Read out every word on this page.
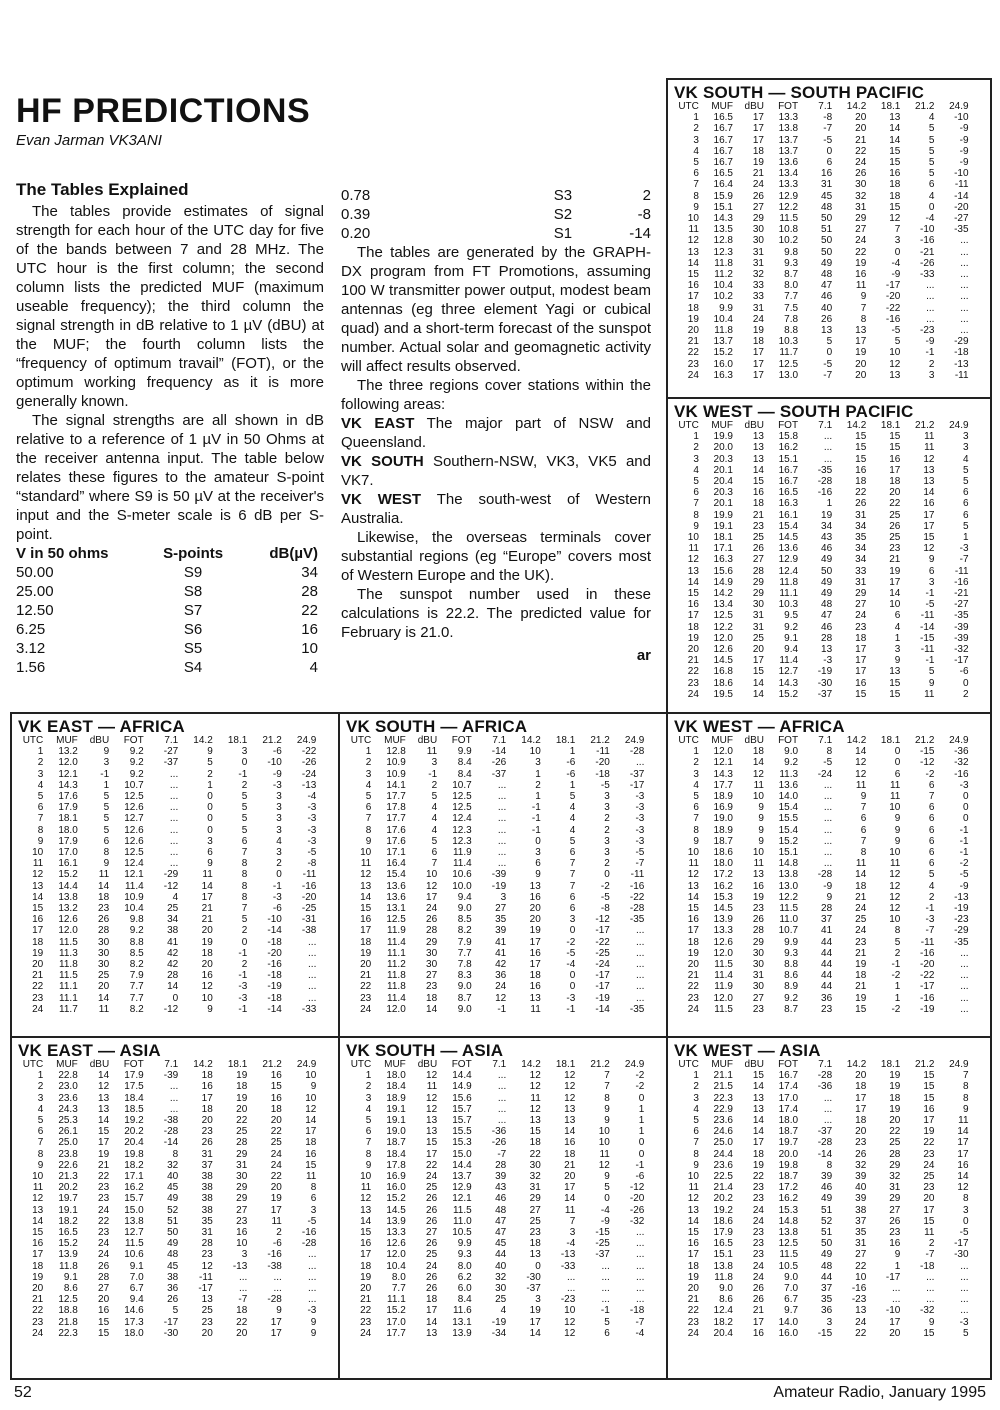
HF PREDICTIONS
Evan Jarman VK3ANI
The Tables Explained

The tables provide estimates of signal strength for each hour of the UTC day for five of the bands between 7 and 28 MHz. The UTC hour is the first column; the second column lists the predicted MUF (maximum useable frequency); the third column the signal strength in dB relative to 1 µV (dBU) at the MUF; the fourth column lists the “frequency of optimum travail” (FOT), or the optimum working frequency as it is more generally known.

The signal strengths are all shown in dB relative to a reference of 1 µV in 50 Ohms at the receiver antenna input. The table below relates these figures to the amateur S-point “standard” where S9 is 50 µV at the receiver's input and the S-meter scale is 6 dB per S-point.

V in 50 ohms	S-points	dB(µV)
50.00	S9	34
25.00	S8	28
12.50	S7	22
6.25	S6	16
3.12	S5	10
1.56	S4	4
0.78	S3	2
0.39	S2	-8
0.20	S1	-14

The tables are generated by the GRAPH-DX program from FT Promotions, assuming 100 W transmitter power output, modest beam antennas (eg three element Yagi or cubical quad) and a short-term forecast of the sunspot number. Actual solar and geomagnetic activity will affect results observed.

The three regions cover stations within the following areas:

VK EAST The major part of NSW and Queensland.
VK SOUTH Southern-NSW, VK3, VK5 and VK7.
VK WEST The south-west of Western Australia.

Likewise, the overseas terminals cover substantial regions (eg “Europe” covers most of Western Europe and the UK).

The sunspot number used in these calculations is 22.2. The predicted value for February is 21.0.

ar
VK SOUTH — SOUTH PACIFIC
UTC	MUF	dBU	FOT	7.1	14.2	18.1	21.2	24.9
1	16.5	17	13.3	-8	20	13	4	-10
2	16.7	17	13.8	-7	20	14	5	-9
3	16.7	17	13.7	-5	21	14	5	-9
4	16.7	18	13.7	0	22	15	5	-9
5	16.7	19	13.6	6	24	15	5	-9
6	16.5	21	13.4	16	26	16	5	-10
7	16.4	24	13.3	31	30	18	6	-11
8	15.9	26	12.9	45	32	18	4	-14
9	15.1	27	12.2	48	31	15	0	-20
10	14.3	29	11.5	50	29	12	-4	-27
11	13.5	30	10.8	51	27	7	-10	-35
12	12.8	30	10.2	50	24	3	-16	...
13	12.3	31	9.8	50	22	0	-21	...
14	11.8	31	9.3	49	19	-4	-26	...
15	11.2	32	8.7	48	16	-9	-33	...
16	10.4	33	8.0	47	11	-17	...	...
17	10.2	33	7.7	46	9	-20	...	...
18	9.9	31	7.5	40	7	-22	...	...
19	10.4	24	7.8	26	8	-16	...	...
20	11.8	19	8.8	13	13	-5	-23	...
21	13.7	18	10.3	5	17	5	-9	-29
22	15.2	17	11.7	0	19	10	-1	-18
23	16.0	17	12.5	-5	20	12	2	-13
24	16.3	17	13.0	-7	20	13	3	-11
VK WEST — SOUTH PACIFIC
UTC	MUF	dBU	FOT	7.1	14.2	18.1	21.2	24.9
1	19.9	13	15.8	...	15	15	11	3
2	20.0	13	16.2	...	15	15	11	3
3	20.3	13	15.1	...	15	16	12	4
4	20.1	14	16.7	-35	16	17	13	5
5	20.4	15	16.7	-28	18	18	13	5
6	20.3	16	16.5	-16	22	20	14	6
7	20.1	18	16.3	1	26	22	16	6
8	19.9	21	16.1	19	31	25	17	6
9	19.1	23	15.4	34	34	26	17	5
10	18.1	25	14.5	43	35	25	15	1
11	17.1	26	13.6	46	34	23	12	-3
12	16.3	27	12.9	49	34	21	9	-7
13	15.6	28	12.4	50	33	19	6	-11
14	14.9	29	11.8	49	31	17	3	-16
15	14.2	29	11.1	49	29	14	-1	-21
16	13.4	30	10.3	48	27	10	-5	-27
17	12.5	31	9.5	47	24	6	-11	-35
18	12.2	31	9.2	46	23	4	-14	-39
19	12.0	25	9.1	28	18	1	-15	-39
20	12.6	20	9.4	13	17	3	-11	-32
21	14.5	17	11.4	-3	17	9	-1	-17
22	16.8	15	12.7	-19	17	13	5	-6
23	18.6	14	14.3	-30	16	15	9	0
24	19.5	14	15.2	-37	15	15	11	2
VK EAST — AFRICA
UTC	MUF	dBU	FOT	7.1	14.2	18.1	21.2	24.9
1	13.2	9	9.2	-27	9	3	-6	-22
2	12.0	3	9.2	-37	5	0	-10	-26
3	12.1	-1	9.2	...	2	-1	-9	-24
4	14.3	1	10.7	...	1	2	-3	-13
5	17.6	5	12.5	...	0	5	3	-4
6	17.9	5	12.6	...	0	5	3	-3
7	18.1	5	12.7	...	0	5	3	-3
8	18.0	5	12.6	...	0	5	3	-3
9	17.9	6	12.6	...	3	6	4	-3
10	17.0	8	12.5	...	6	7	3	-5
11	16.1	9	12.4	...	9	8	2	-8
12	15.2	11	12.1	-29	11	8	0	-11
13	14.4	14	11.4	-12	14	8	-1	-16
14	13.8	18	10.9	4	17	8	-3	-20
15	13.2	23	10.4	25	21	7	-6	-25
16	12.6	26	9.8	34	21	5	-10	-31
17	12.0	28	9.2	38	20	2	-14	-38
18	11.5	30	8.8	41	19	0	-18	...
19	11.3	30	8.5	42	18	-1	-20	...
20	11.8	30	8.2	42	20	2	-16	...
21	11.5	25	7.9	28	16	-1	-18	...
22	11.1	20	7.7	14	12	-3	-19	...
23	11.1	14	7.7	0	10	-3	-18	...
24	11.7	11	8.2	-12	9	-1	-14	-33
VK SOUTH — AFRICA
UTC	MUF	dBU	FOT	7.1	14.2	18.1	21.2	24.9
1	12.8	11	9.9	-14	10	1	-11	-28
2	10.9	3	8.4	-26	3	-6	-20	...
3	10.9	-1	8.4	-37	1	-6	-18	-37
4	14.1	2	10.7	...	2	1	-5	-17
5	17.7	5	12.5	...	1	5	3	-3
6	17.8	4	12.5	...	-1	4	3	-3
7	17.7	4	12.4	...	-1	4	2	-3
8	17.6	4	12.3	...	-1	4	2	-3
9	17.6	5	12.3	...	0	5	3	-3
10	17.1	6	11.9	...	3	6	3	-5
11	16.4	7	11.4	...	6	7	2	-7
12	15.4	10	10.6	-39	9	7	0	-11
13	13.6	12	10.0	-19	13	7	-2	-16
14	13.6	17	9.4	3	16	6	-5	-22
15	13.1	24	9.0	27	20	6	-8	-28
16	12.5	26	8.5	35	20	3	-12	-35
17	11.9	28	8.2	39	19	0	-17	...
18	11.4	29	7.9	41	17	-2	-22	...
19	11.1	30	7.7	41	16	-5	-25	...
20	11.2	30	7.8	42	17	-4	-24	...
21	11.8	27	8.3	36	18	0	-17	...
22	11.8	23	9.0	24	16	0	-17	...
23	11.4	18	8.7	12	13	-3	-19	...
24	12.0	14	9.0	-1	11	-1	-14	-35
VK WEST — AFRICA
UTC	MUF	dBU	FOT	7.1	14.2	18.1	21.2	24.9
1	12.0	18	9.0	8	14	0	-15	-36
2	12.1	14	9.2	-5	12	0	-12	-32
3	14.3	12	11.3	-24	12	6	-2	-16
4	17.7	11	13.6	...	11	11	6	-3
5	18.9	10	14.0	...	9	11	7	0
6	16.9	9	15.4	...	7	10	6	0
7	19.0	9	15.5	...	6	9	6	0
8	18.9	9	15.4	...	6	9	6	-1
9	18.7	9	15.2	...	7	9	6	-1
10	18.6	10	15.1	...	8	10	6	-1
11	18.0	11	14.8	...	11	11	6	-2
12	17.2	13	13.8	-28	14	12	5	-5
13	16.2	16	13.0	-9	18	12	4	-9
14	15.3	19	12.2	9	21	12	2	-13
15	14.5	23	11.5	28	24	12	-1	-19
16	13.9	26	11.0	37	25	10	-3	-23
17	13.3	28	10.7	41	24	8	-7	-29
18	12.6	29	9.9	44	23	5	-11	-35
19	12.0	30	9.3	44	21	2	-16	...
20	11.5	30	8.8	44	19	-1	-20	...
21	11.4	31	8.6	44	18	-2	-22	...
22	11.9	30	8.9	44	21	1	-17	...
23	12.0	27	9.2	36	19	1	-16	...
24	11.5	23	8.7	23	15	-2	-19	...
VK EAST — ASIA
UTC	MUF	dBU	FOT	7.1	14.2	18.1	21.2	24.9
1	22.8	14	17.9	-39	18	19	16	10
2	23.0	12	17.5	...	16	18	15	9
3	23.6	13	18.4	...	17	19	16	10
4	24.3	13	18.5	...	18	20	18	12
5	25.3	14	19.2	-38	20	22	20	14
6	26.1	15	20.2	-28	23	25	22	17
7	25.0	17	20.4	-14	26	28	25	18
8	23.8	19	19.8	8	31	29	24	16
9	22.6	21	18.2	32	37	31	24	15
10	21.3	22	17.1	40	38	30	22	11
11	20.2	23	16.2	45	38	29	20	8
12	19.7	23	15.7	49	38	29	19	6
13	19.1	24	15.0	52	38	27	17	3
14	18.2	22	13.8	51	35	23	11	-5
15	16.5	23	12.7	50	31	16	2	-16
16	15.2	24	11.5	49	28	10	-6	-28
17	13.9	24	10.6	48	23	3	-16	...
18	11.8	26	9.1	45	12	-13	-38	...
19	9.1	28	7.0	38	-11	...	...	...
20	8.6	27	6.7	36	-17	...	...	...
21	12.5	20	9.4	26	13	-7	-28	...
22	18.8	16	14.6	5	25	18	9	-3
23	21.8	15	17.3	-17	23	22	17	9
24	22.3	15	18.0	-30	20	20	17	9
VK SOUTH — ASIA
UTC	MUF	dBU	FOT	7.1	14.2	18.1	21.2	24.9
1	18.0	12	14.4	...	12	12	7	-2
2	18.4	11	14.9	...	12	12	7	-2
3	18.9	12	15.6	...	11	12	8	0
4	19.1	12	15.7	...	12	13	9	1
5	19.1	13	15.7	...	13	13	9	1
6	19.0	13	15.5	-36	15	14	10	1
7	18.7	15	15.3	-26	18	16	10	0
8	18.4	17	15.0	-7	22	18	11	0
9	17.8	22	14.4	28	30	21	12	-1
10	16.9	24	13.7	39	32	20	9	-6
11	16.0	25	12.9	43	31	17	5	-12
12	15.2	26	12.1	46	29	14	0	-20
13	14.5	26	11.5	48	27	11	-4	-26
14	13.9	26	11.0	47	25	7	-9	-32
15	13.3	27	10.5	47	23	3	-15	...
16	12.6	26	9.9	45	18	-4	-25	...
17	12.0	25	9.3	44	13	-13	-37	...
18	10.4	24	8.0	40	0	-33	...	...
19	8.0	26	6.2	32	-30	...	...	...
20	7.7	26	6.0	30	-37	...	...	...
21	11.1	18	8.4	25	3	-23	...	...
22	15.2	17	11.6	4	19	10	-1	-18
23	17.0	14	13.1	-19	17	12	5	-7
24	17.7	13	13.9	-34	14	12	6	-4
VK WEST — ASIA
UTC	MUF	dBU	FOT	7.1	14.2	18.1	21.2	24.9
1	21.1	15	16.7	-28	20	19	15	7
2	21.5	14	17.4	-36	18	19	15	8
3	22.3	13	17.0	...	17	18	15	8
4	22.9	13	17.4	...	17	19	16	9
5	23.6	14	18.0	...	18	20	17	11
6	24.6	14	18.7	-37	20	22	19	14
7	25.0	17	19.7	-28	23	25	22	17
8	24.4	18	20.0	-14	26	28	23	17
9	23.6	19	19.8	8	32	29	24	16
10	22.5	22	18.7	39	39	32	25	14
11	21.4	23	17.2	46	40	31	23	12
12	20.2	23	16.2	49	39	29	20	8
13	19.2	24	15.3	51	38	27	17	3
14	18.6	24	14.8	52	37	26	15	0
15	17.9	23	13.8	51	35	23	11	-5
16	16.5	23	12.5	50	31	16	2	-17
17	15.1	23	11.5	49	27	9	-7	-30
18	13.8	24	10.5	48	22	1	-18	...
19	11.8	24	9.0	44	10	-17	...	...
20	9.0	26	7.0	37	-16	...	...	...
21	8.6	26	6.7	35	-23	...	...	...
22	12.4	21	9.7	36	13	-10	-32	...
23	18.2	17	14.0	3	24	17	9	-3
24	20.4	16	16.0	-15	22	20	15	5
52	Amateur Radio, January 1995
